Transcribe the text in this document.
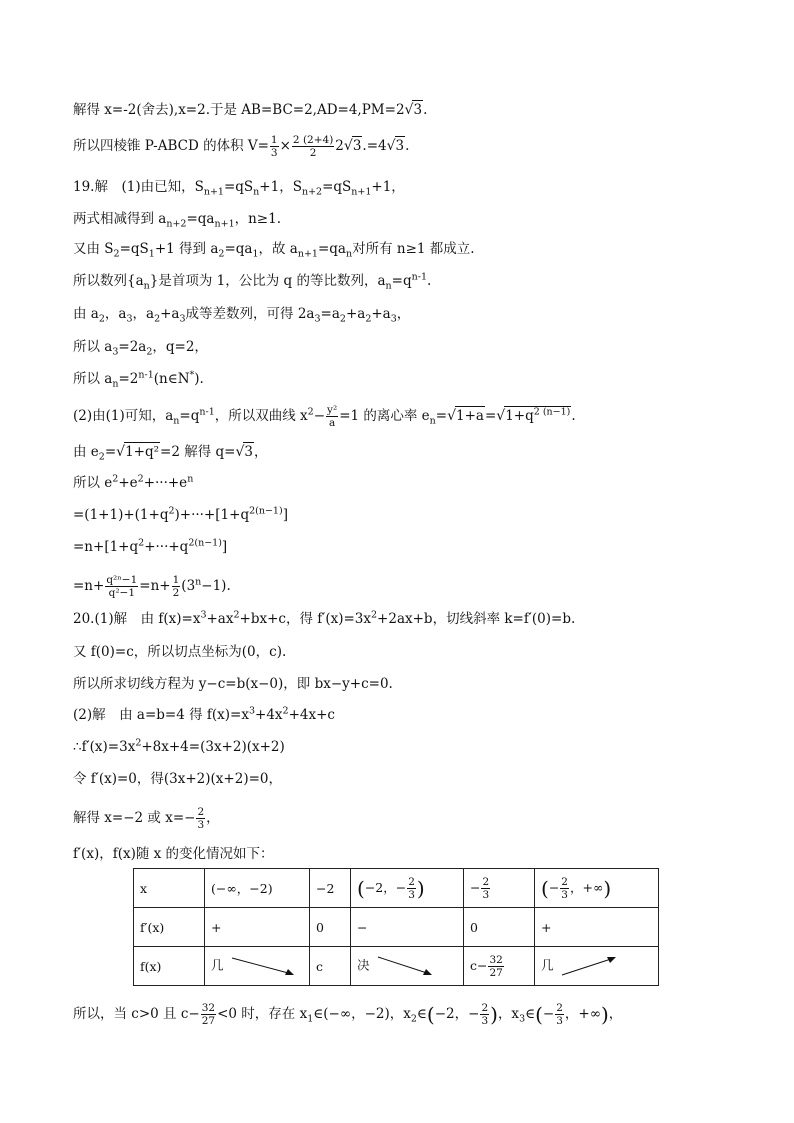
解得 x=-2(舍去),x=2.于是 AB=BC=2,AD=4,PM=2√3.
所以四棱锥 P-ABCD 的体积 $V= \frac{1}{3} \times \frac{2 (2+4)}{2} 2√3.=4√3$.
19.解　(1)由已知，$S_{n+1}=qS_n+1$，$S_{n+2}=qS_{n+1}+1$，
两式相减得到 $a_{n+2}=qa_{n+1}$，n≥1.
又由 $S_2=qS_1+1$ 得到 $a_2=qa_1$，故 $a_{n+1}=qa_n$对所有 n≥1 都成立.
所以数列$\{a_n\}$是首项为 1，公比为 q 的等比数列，$a_n=q^{n-1}$.
由 $a_2$，$a_3$，$a_2+a_3$成等差数列，可得 $2a_3=a_2+a_2+a_3$，
所以 $a_3=2a_2$，q=2，
所以 $a_n=2^{n-1}(n\in N^*)$.
(2)由(1)可知，$a_n=q^{n-1}$，所以双曲线 $x^2- \frac{\text{y²}}{a} =1$ 的离心率 $e_n=√1+a=√1+q^{2 (n-1)}$.
由 $e_2=√1+q^2=2$ 解得 q=√3，
所以 $e^2+e^2+\cdot\cdot\cdot+e^n$
$=(1+1)+(1+q^2)+\cdot\cdot\cdot+[1+q^{2(n-1)}]$
$=n+[1+q^2+\cdot\cdot\cdot+q^{2(n-1)}]$
$=n+ \frac{\text{q²ⁿ−1}}{\text{q²−1}} =n+ \frac{1}{2} (3^n-1)$.
20.(1)解　由 $f(x)=x^3+ax^2+bx+c$，得 $f'(x)=3x^2+2ax+b$，切线斜率 k=f′(0)=b.
又 f(0)=c，所以切点坐标为(0，c).
所以所求切线方程为 y−c=b(x−0)，即 bx−y+c=0.
(2)解　由 a=b=4 得 $f(x)=x^3+4x^2+4x+c$
$\therefore f'(x)=3x^2+8x+4=(3x+2)(x+2)$
令 f′(x)=0，得(3x+2)(x+2)=0，
解得 x=−2 或 $x=- \frac{2}{3}$ ，
f′(x)，f(x)随 x 的变化情况如下：
x	(−∞，−2)	−2	(−2，− $\frac{2}{3}$ )	− $\frac{2}{3}$	(− $\frac{2}{3}$ ，+∞)
f′(x)	+	0	−	0	+
f(x)	几	c	决	$c- \frac{32}{27}$	几
所以，当 c>0 且 $c- \frac{32}{27} <0$ 时，存在 $x_1\in(-\infty$，−2)，$x_2\in(-2$，− $\frac{2}{3}$ )，$x_3\in(- \frac{2}{3}$ ，+∞)，
